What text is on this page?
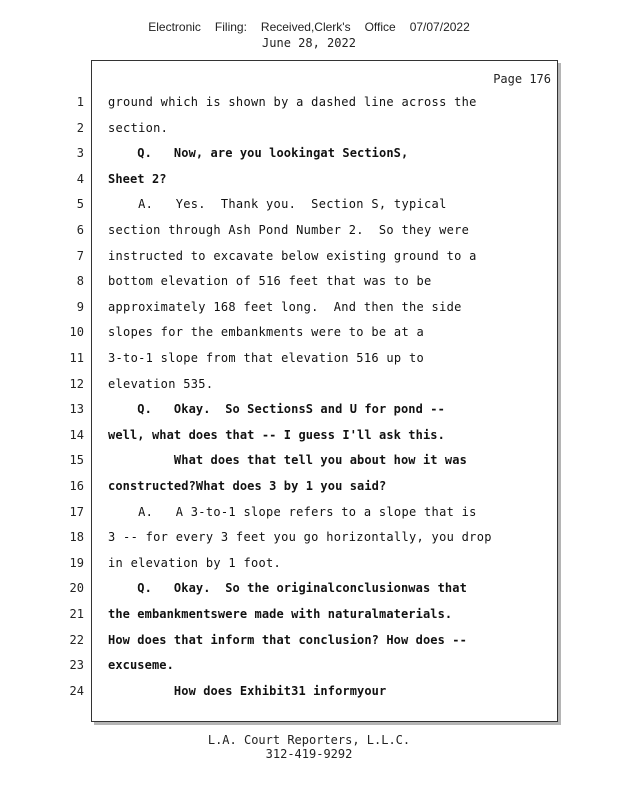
Electronic Filing: Received,Clerk's Office 07/07/2022
June 28, 2022
Page 176
1 ground which is shown by a dashed line across the
2 section.
3 Q.   Now, are you lookingat SectionS,
4 Sheet 2?
5 A.   Yes.  Thank you.  Section S, typical
6 section through Ash Pond Number 2.  So they were
7 instructed to excavate below existing ground to a
8 bottom elevation of 516 feet that was to be
9 approximately 168 feet long.  And then the side
10 slopes for the embankments were to be at a
11 3-to-1 slope from that elevation 516 up to
12 elevation 535.
13 Q.   Okay.  So SectionsS and U for pond --
14 well, what does that -- I guess I'll ask this.
15 What does that tell you about how it was
16 constructed?What does 3 by 1 you said?
17 A.   A 3-to-1 slope refers to a slope that is
18 3 -- for every 3 feet you go horizontally, you drop
19 in elevation by 1 foot.
20 Q.   Okay.  So the originalconclusionwas that
21 the embankmentswere made with naturalmaterials.
22 How does that inform that conclusion? How does --
23 excuseme.
24 How does Exhibit31 informyour
L.A. Court Reporters, L.L.C.
312-419-9292
